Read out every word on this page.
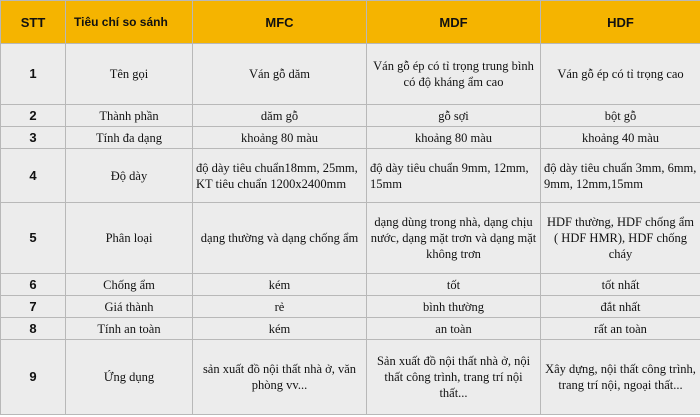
STT	Tiêu chí so sánh	MFC	MDF	HDF
1	Tên gọi	Ván gỗ dăm	Ván gỗ ép có tỉ trọng trung bình có độ kháng ẩm cao	Ván gỗ ép có tỉ trọng cao
2	Thành phần	dăm gỗ	gỗ sợi	bột gỗ
3	Tính đa dạng	khoảng 80 màu	khoảng 80 màu	khoảng 40 màu
4	Độ dày	độ dày tiêu chuẩn18mm, 25mm, KT tiêu chuẩn 1200x2400mm	độ dày tiêu chuẩn 9mm, 12mm, 15mm	độ dày tiêu chuẩn 3mm, 6mm, 9mm, 12mm,15mm
5	Phân loại	dạng thường và dạng chống ẩm	dạng dùng trong nhà, dạng chịu nước, dạng mặt trơn và dạng mặt không trơn	HDF thường, HDF chống ẩm ( HDF HMR), HDF chống cháy
6	Chống ẩm	kém	tốt	tốt nhất
7	Giá thành	rẻ	bình thường	đắt nhất
8	Tính an toàn	kém	an toàn	rất an toàn
9	Ứng dụng	sản xuất đồ nội thất nhà ở, văn phòng vv...	Sản xuất đồ nội thất nhà ở, nội thất công trình, trang trí nội thất...	Xây dựng, nội thất công trình, trang trí nội, ngoại thất...
